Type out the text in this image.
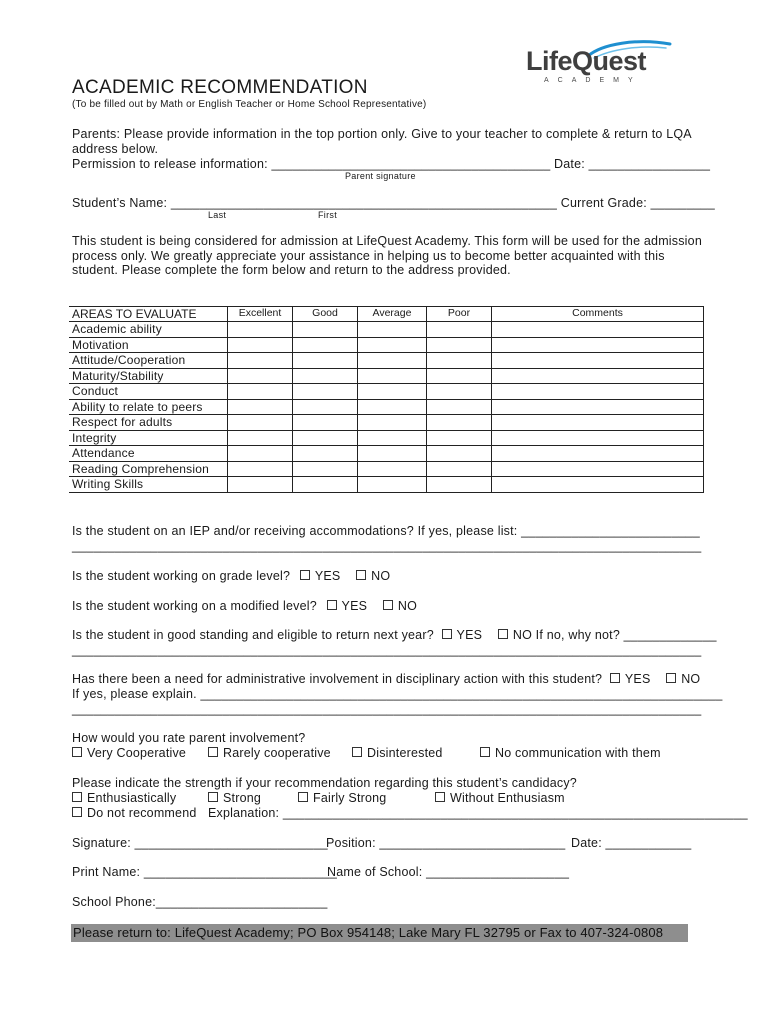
LifeQuest
ACADEMY
ACADEMIC RECOMMENDATION
(To be filled out by Math or English Teacher or Home School Representative)
Parents: Please provide information in the top portion only. Give to your teacher to complete & return to LQA
address below.
Permission to release information: _______________________________________ Date: _________________
Parent signature
Student’s Name: ______________________________________________________ Current Grade: _________
Last	First
This student is being considered for admission at LifeQuest Academy. This form will be used for the admission
process only. We greatly appreciate your assistance in helping us to become better acquainted with this
student. Please complete the form below and return to the address provided.
AREAS TO EVALUATE	Excellent	Good	Average	Poor	Comments
Academic ability					
Motivation					
Attitude/Cooperation					
Maturity/Stability					
Conduct					
Ability to relate to peers					
Respect for adults					
Integrity					
Attendance					
Reading Comprehension					
Writing Skills					
Is the student on an IEP and/or receiving accommodations? If yes, please list: _________________________
________________________________________________________________________________________
Is the student working on grade level? YES NO
Is the student working on a modified level? YES NO
Is the student in good standing and eligible to return next year? YES NO If no, why not? _____________
________________________________________________________________________________________
Has there been a need for administrative involvement in disciplinary action with this student? YES NO
If yes, please explain. _________________________________________________________________________
________________________________________________________________________________________
How would you rate parent involvement?
Very Cooperative	Rarely cooperative	Disinterested	No communication with them
Please indicate the strength if your recommendation regarding this student’s candidacy?
Enthusiastically	Strong	Fairly Strong	Without Enthusiasm
Do not recommend Explanation: _________________________________________________________________
Signature: ___________________________
Position: __________________________ Date: ____________
Print Name: ___________________________
Name of School: ____________________
School Phone:________________________
Please return to: LifeQuest Academy; PO Box 954148; Lake Mary FL 32795 or Fax to 407-324-0808
